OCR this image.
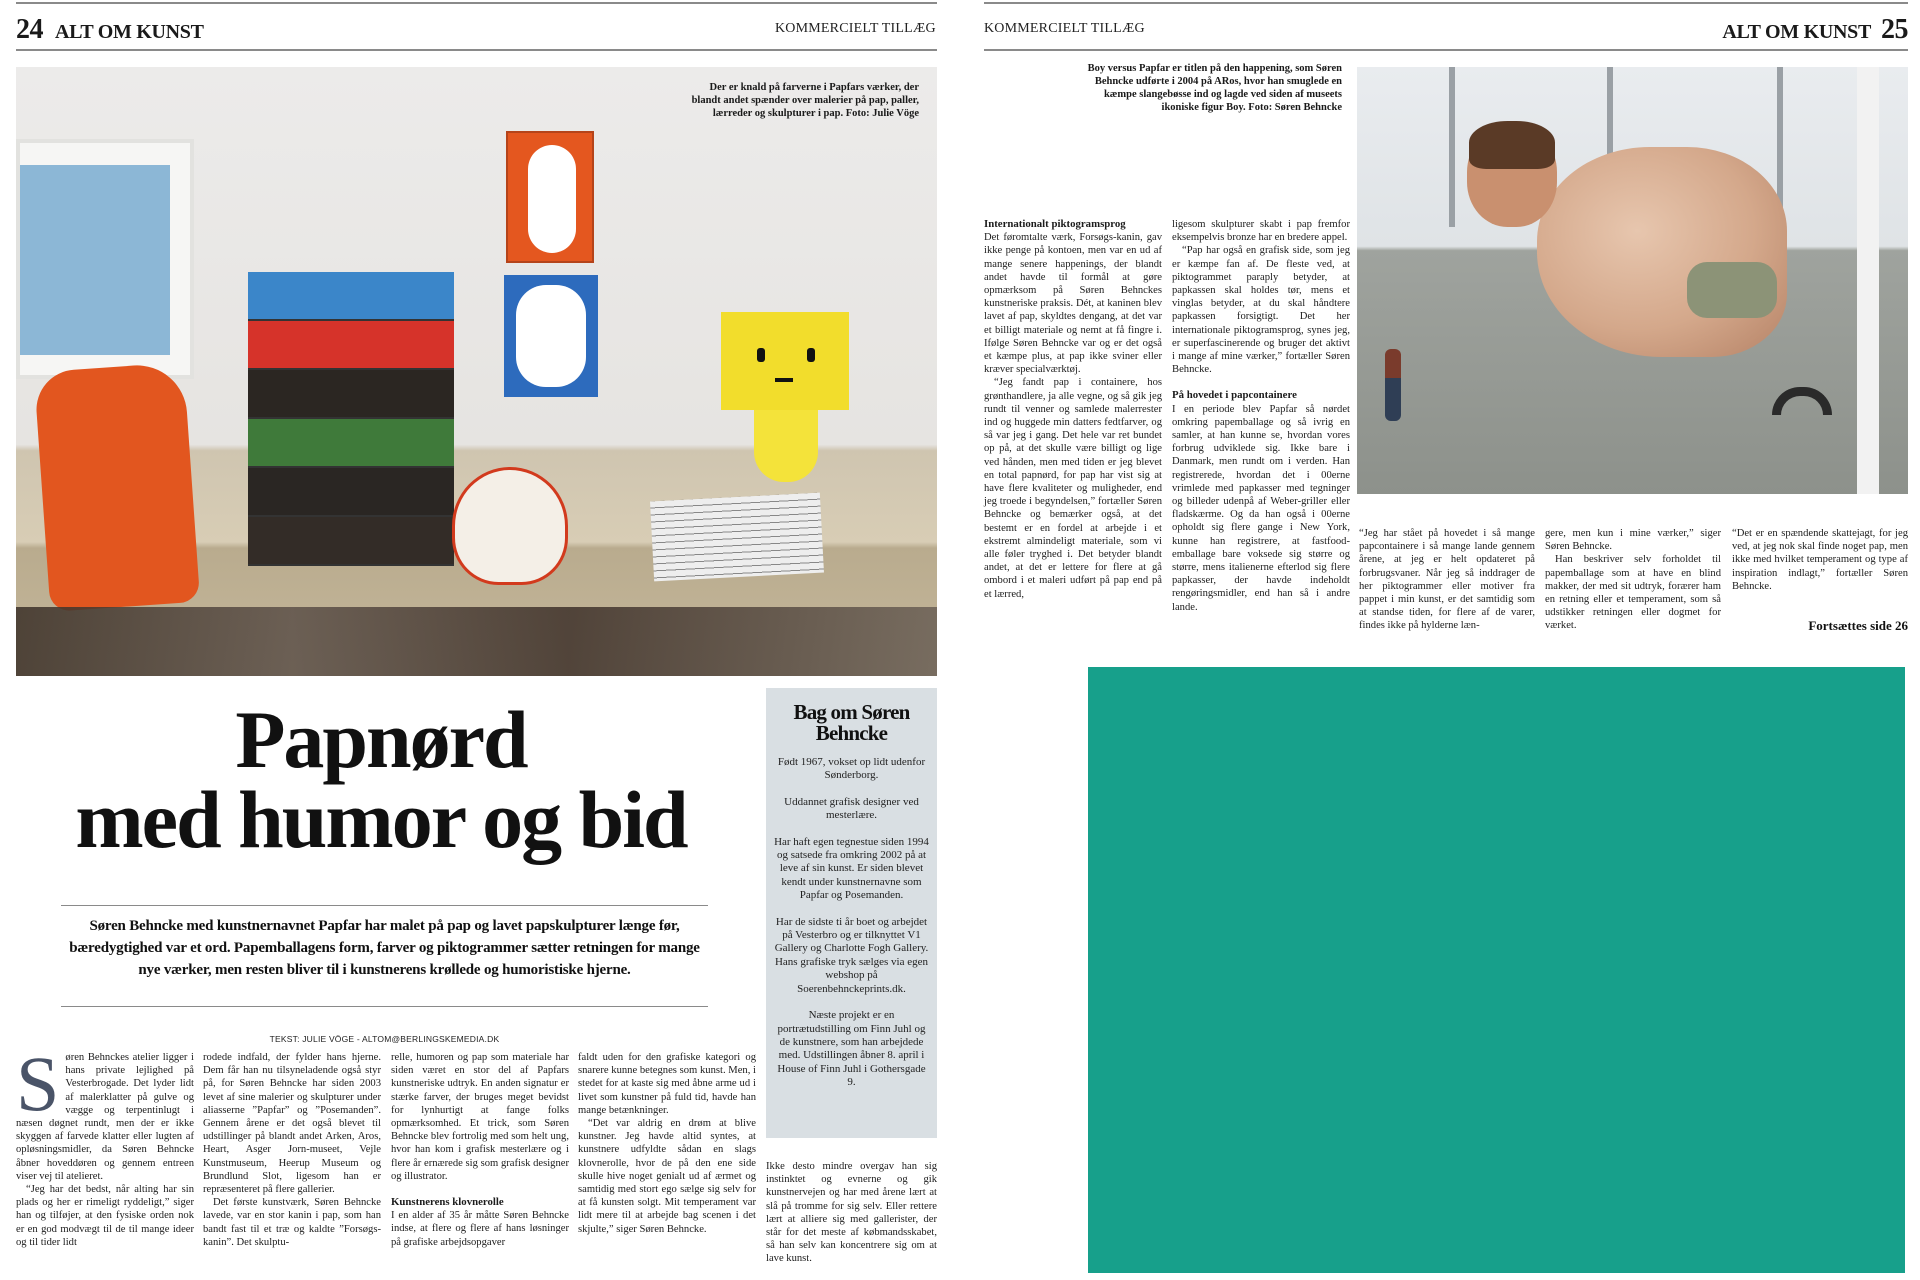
24 ALT OM KUNST	KOMMERCIELT TILLÆG
Der er knald på farverne i Papfars værker, der blandt andet spænder over malerier på pap, paller, lærreder og skulpturer i pap. Foto: Julie Vöge
Papnørd
med humor og bid

Søren Behncke med kunstnernavnet Papfar har malet på pap og lavet papskulpturer længe før, bæredygtighed var et ord. Papemballagens form, farver og piktogrammer sætter retningen for mange nye værker, men resten bliver til i kunstnerens krøllede og humoristiske hjerne.

TEKST: JULIE VÖGE - ALTOM@BERLINGSKEMEDIA.DK
Bag om Søren Behncke

Født 1967, vokset op lidt udenfor Sønderborg.

Uddannet grafisk designer ved mesterlære.

Har haft egen tegnestue siden 1994 og satsede fra omkring 2002 på at leve af sin kunst. Er siden blevet kendt under kunstnernavne som Papfar og Posemanden.

Har de sidste ti år boet og arbejdet på Vesterbro og er tilknyttet V1 Gallery og Charlotte Fogh Gallery. Hans grafiske tryk sælges via egen webshop på Soerenbehnckeprints.dk.

Næste projekt er en portrætudstilling om Finn Juhl og de kunstnere, som han arbejdede med. Udstillingen åbner 8. april i House of Finn Juhl i Gothersgade 9.

S øren Behnckes atelier ligger i hans private lejlighed på Vesterbrogade. Det lyder lidt af malerklatter på gulve og vægge og terpentinlugt i næsen døgnet rundt, men der er ikke skyggen af farvede klatter eller lugten af opløsningsmidler, da Søren Behncke åbner hoveddøren og gennem entreen viser vej til atelieret.

“Jeg har det bedst, når alting har sin plads og her er rimeligt ryddeligt,” siger han og tilføjer, at den fysiske orden nok er en god modvægt til de til mange ideer og til tider lidt

rodede indfald, der fylder hans hjerne. Dem får han nu tilsyneladende også styr på, for Søren Behncke har siden 2003 levet af sine malerier og skulpturer under aliasserne ”Papfar” og ”Posemanden”. Gennem årene er det også blevet til udstillinger på blandt andet Arken, Aros, Heart, Asger Jorn-museet, Vejle Kunstmuseum, Heerup Museum og Brundlund Slot, ligesom han er repræsenteret på flere gallerier.

Det første kunstværk, Søren Behncke lavede, var en stor kanin i pap, som han bandt fast til et træ og kaldte ”Forsøgs-kanin”. Det skulptu-

relle, humoren og pap som materiale har siden været en stor del af Papfars kunstneriske udtryk. En anden signatur er stærke farver, der bruges meget bevidst for lynhurtigt at fange folks opmærksomhed. Et trick, som Søren Behncke blev fortrolig med som helt ung, hvor han kom i grafisk mesterlære og i flere år ernærede sig som grafisk designer og illustrator.

Kunstnerens klovnerolle

I en alder af 35 år måtte Søren Behncke indse, at flere og flere af hans løsninger på grafiske arbejdsopgaver

faldt uden for den grafiske kategori og snarere kunne betegnes som kunst. Men, i stedet for at kaste sig med åbne arme ud i livet som kunstner på fuld tid, havde han mange betænkninger.

“Det var aldrig en drøm at blive kunstner. Jeg havde altid syntes, at kunstnere udfyldte sådan en slags klovnerolle, hvor de på den ene side skulle hive noget genialt ud af ærmet og samtidig med stort ego sælge sig selv for at få kunsten solgt. Mit temperament var lidt mere til at arbejde bag scenen i det skjulte,” siger Søren Behncke.

Ikke desto mindre overgav han sig instinktet og evnerne og gik kunstnervejen og har med årene lært at slå på tromme for sig selv. Eller rettere lært at alliere sig med gallerister, der står for det meste af købmandsskabet, så han selv kan koncentrere sig om at lave kunst.

KOMMERCIELT TILLÆG	ALT OM KUNST 25
Boy versus Papfar er titlen på den happening, som Søren Behncke udførte i 2004 på ARos, hvor han smuglede en kæmpe slangebøsse ind og lagde ved siden af museets ikoniske figur Boy. Foto: Søren Behncke
Internationalt piktogramsprog

Det føromtalte værk, Forsøgs-kanin, gav ikke penge på kontoen, men var en ud af mange senere happenings, der blandt andet havde til formål at gøre opmærksom på Søren Behnckes kunstneriske praksis. Dét, at kaninen blev lavet af pap, skyldtes dengang, at det var et billigt materiale og nemt at få fingre i. Ifølge Søren Behncke var og er det også et kæmpe plus, at pap ikke sviner eller kræver specialværktøj.

“Jeg fandt pap i containere, hos grønthandlere, ja alle vegne, og så gik jeg rundt til venner og samlede malerrester ind og huggede min datters fedtfarver, og så var jeg i gang. Det hele var ret bundet op på, at det skulle være billigt og lige ved hånden, men med tiden er jeg blevet en total papnørd, for pap har vist sig at have flere kvaliteter og muligheder, end jeg troede i begyndelsen,” fortæller Søren Behncke og bemærker også, at det bestemt er en fordel at arbejde i et ekstremt almindeligt materiale, som vi alle føler tryghed i. Det betyder blandt andet, at det er lettere for flere at gå ombord i et maleri udført på pap end på et lærred,

ligesom skulpturer skabt i pap fremfor eksempelvis bronze har en bredere appel.

“Pap har også en grafisk side, som jeg er kæmpe fan af. De fleste ved, at piktogrammet paraply betyder, at papkassen skal holdes tør, mens et vinglas betyder, at du skal håndtere papkassen forsigtigt. Det her internationale piktogramsprog, synes jeg, er superfascinerende og bruger det aktivt i mange af mine værker,” fortæller Søren Behncke.

På hovedet i papcontainere

I en periode blev Papfar så nørdet omkring papemballage og så ivrig en samler, at han kunne se, hvordan vores forbrug udviklede sig. Ikke bare i Danmark, men rundt om i verden. Han registrerede, hvordan det i 00erne vrimlede med papkasser med tegninger og billeder udenpå af Weber-griller eller fladskærme. Og da han også i 00erne opholdt sig flere gange i New York, kunne han registrere, at fastfood-emballage bare voksede sig større og større, mens italienerne efterlod sig flere papkasser, der havde indeholdt rengøringsmidler, end han så i andre lande.

“Jeg har stået på hovedet i så mange papcontainere i så mange lande gennem årene, at jeg er helt opdateret på forbrugsvaner. Når jeg så inddrager de her piktogrammer eller motiver fra pappet i min kunst, er det samtidig som at standse tiden, for flere af de varer, findes ikke på hylderne læn-

gere, men kun i mine værker,” siger Søren Behncke.

Han beskriver selv forholdet til papemballage som at have en blind makker, der med sit udtryk, forærer ham en retning eller et temperament, som så udstikker retningen eller dogmet for værket.

“Det er en spændende skattejagt, for jeg ved, at jeg nok skal finde noget pap, men ikke med hvilket temperament og type af inspiration indlagt,” fortæller Søren Behncke.

Fortsættes side 26
